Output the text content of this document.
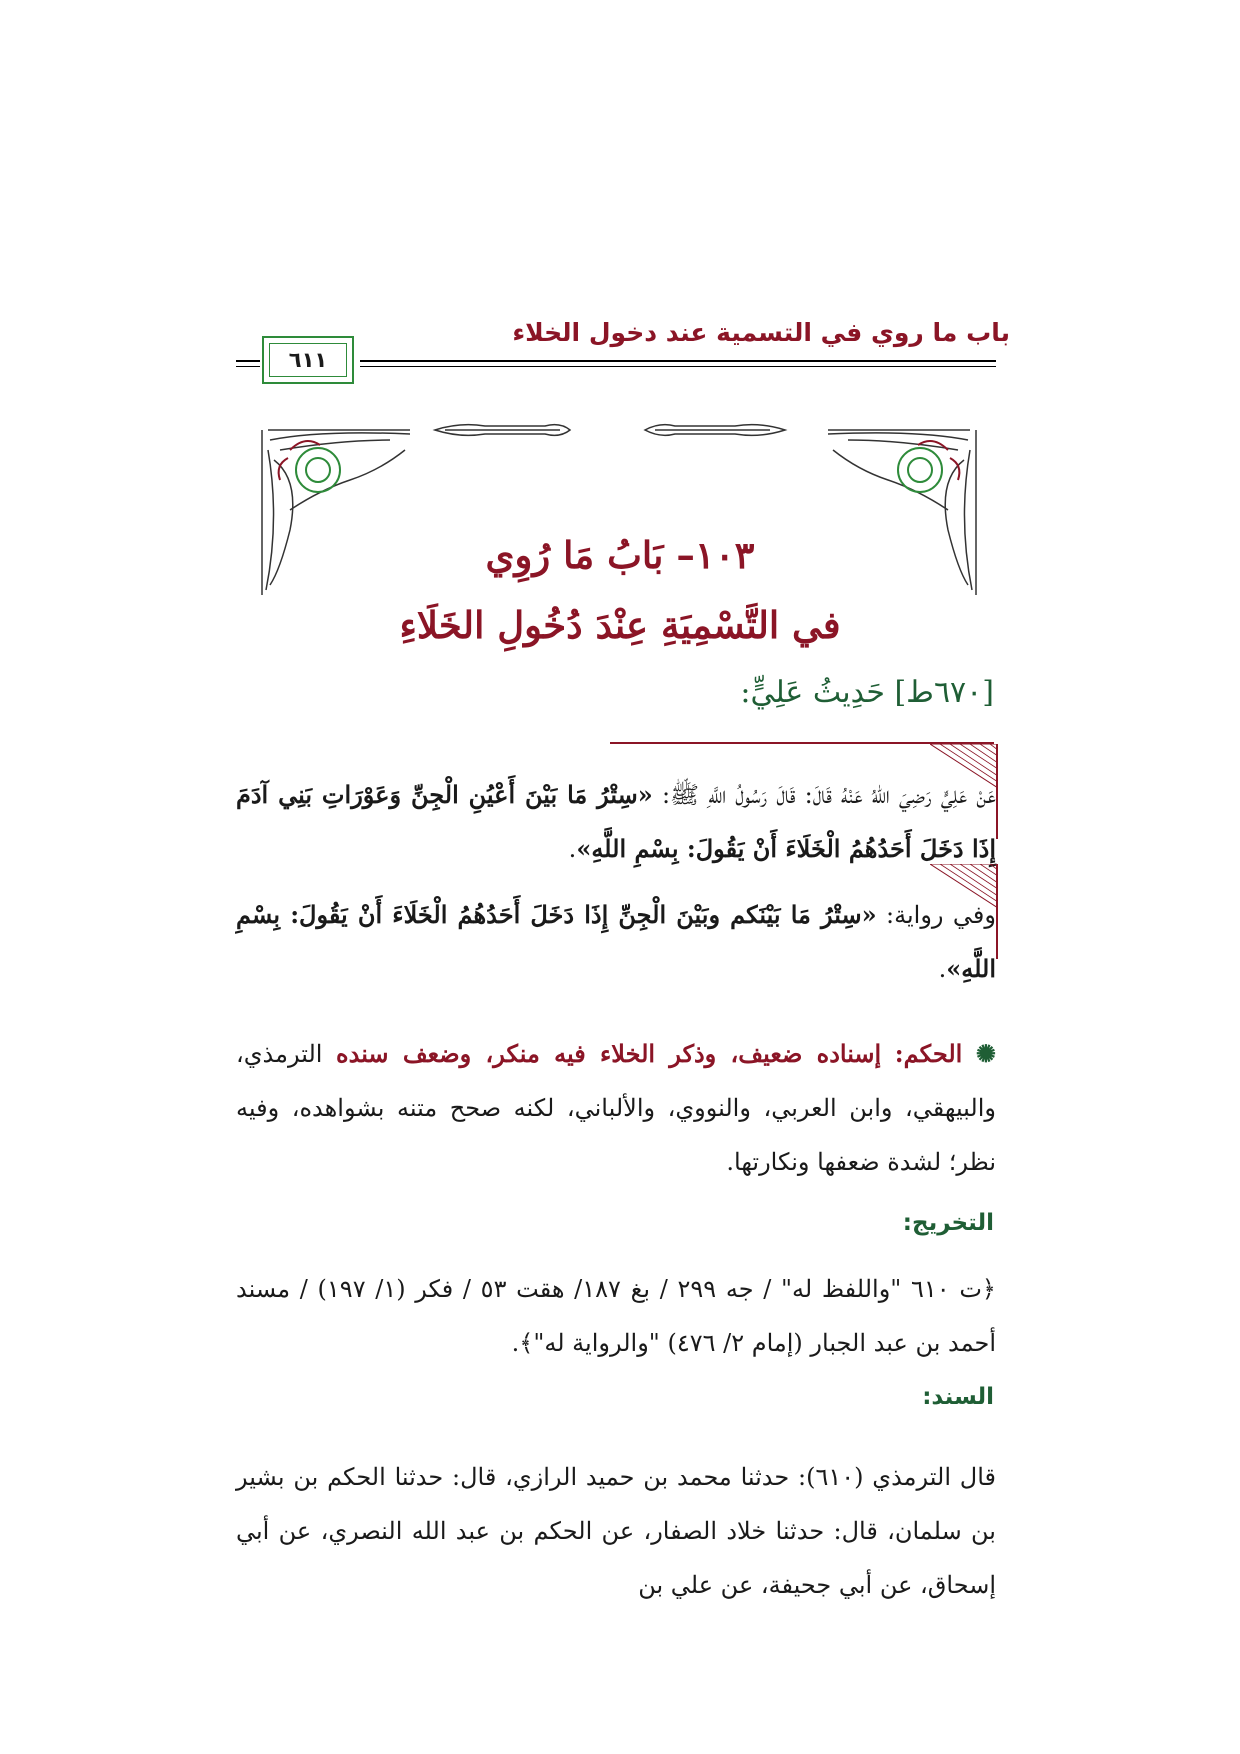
باب ما روي في التسمية عند دخول الخلاء
٦١١
١٠٣– بَابُ مَا رُوِي
في التَّسْمِيَةِ عِنْدَ دُخُولِ الخَلَاءِ
[٦٧٠ط] حَدِيثُ عَلِيٍّ:
عَنْ عَلِيٍّ رَضِيَ اللهُ عَنْهُ قَالَ: قَالَ رَسُولُ اللَّهِ ﷺ: «سِتْرُ مَا بَيْنَ أَعْيُنِ الْجِنِّ وَعَوْرَاتِ بَنِي آدَمَ إِذَا دَخَلَ أَحَدُهُمُ الْخَلَاءَ أَنْ يَقُولَ: بِسْمِ اللَّهِ».
وفي رواية: «سِتْرُ مَا بَيْنَكم وبَيْنَ الْجِنِّ إِذَا دَخَلَ أَحَدُهُمُ الْخَلَاءَ أَنْ يَقُولَ: بِسْمِ اللَّهِ».
✺ الحكم: إسناده ضعيف، وذكر الخلاء فيه منكر، وضعف سنده الترمذي، والبيهقي، وابن العربي، والنووي، والألباني، لكنه صحح متنه بشواهده، وفيه نظر؛ لشدة ضعفها ونكارتها.
التخريج:
﴿ت ٦١٠ "واللفظ له" / جه ٢٩٩ / بغ ١٨٧/ هقت ٥٣ / فكر (١/ ١٩٧) / مسند أحمد بن عبد الجبار (إمام ٢/ ٤٧٦) "والرواية له"﴾.
السند:
قال الترمذي (٦١٠): حدثنا محمد بن حميد الرازي، قال: حدثنا الحكم بن بشير بن سلمان، قال: حدثنا خلاد الصفار، عن الحكم بن عبد الله النصري، عن أبي إسحاق، عن أبي جحيفة، عن علي بن
